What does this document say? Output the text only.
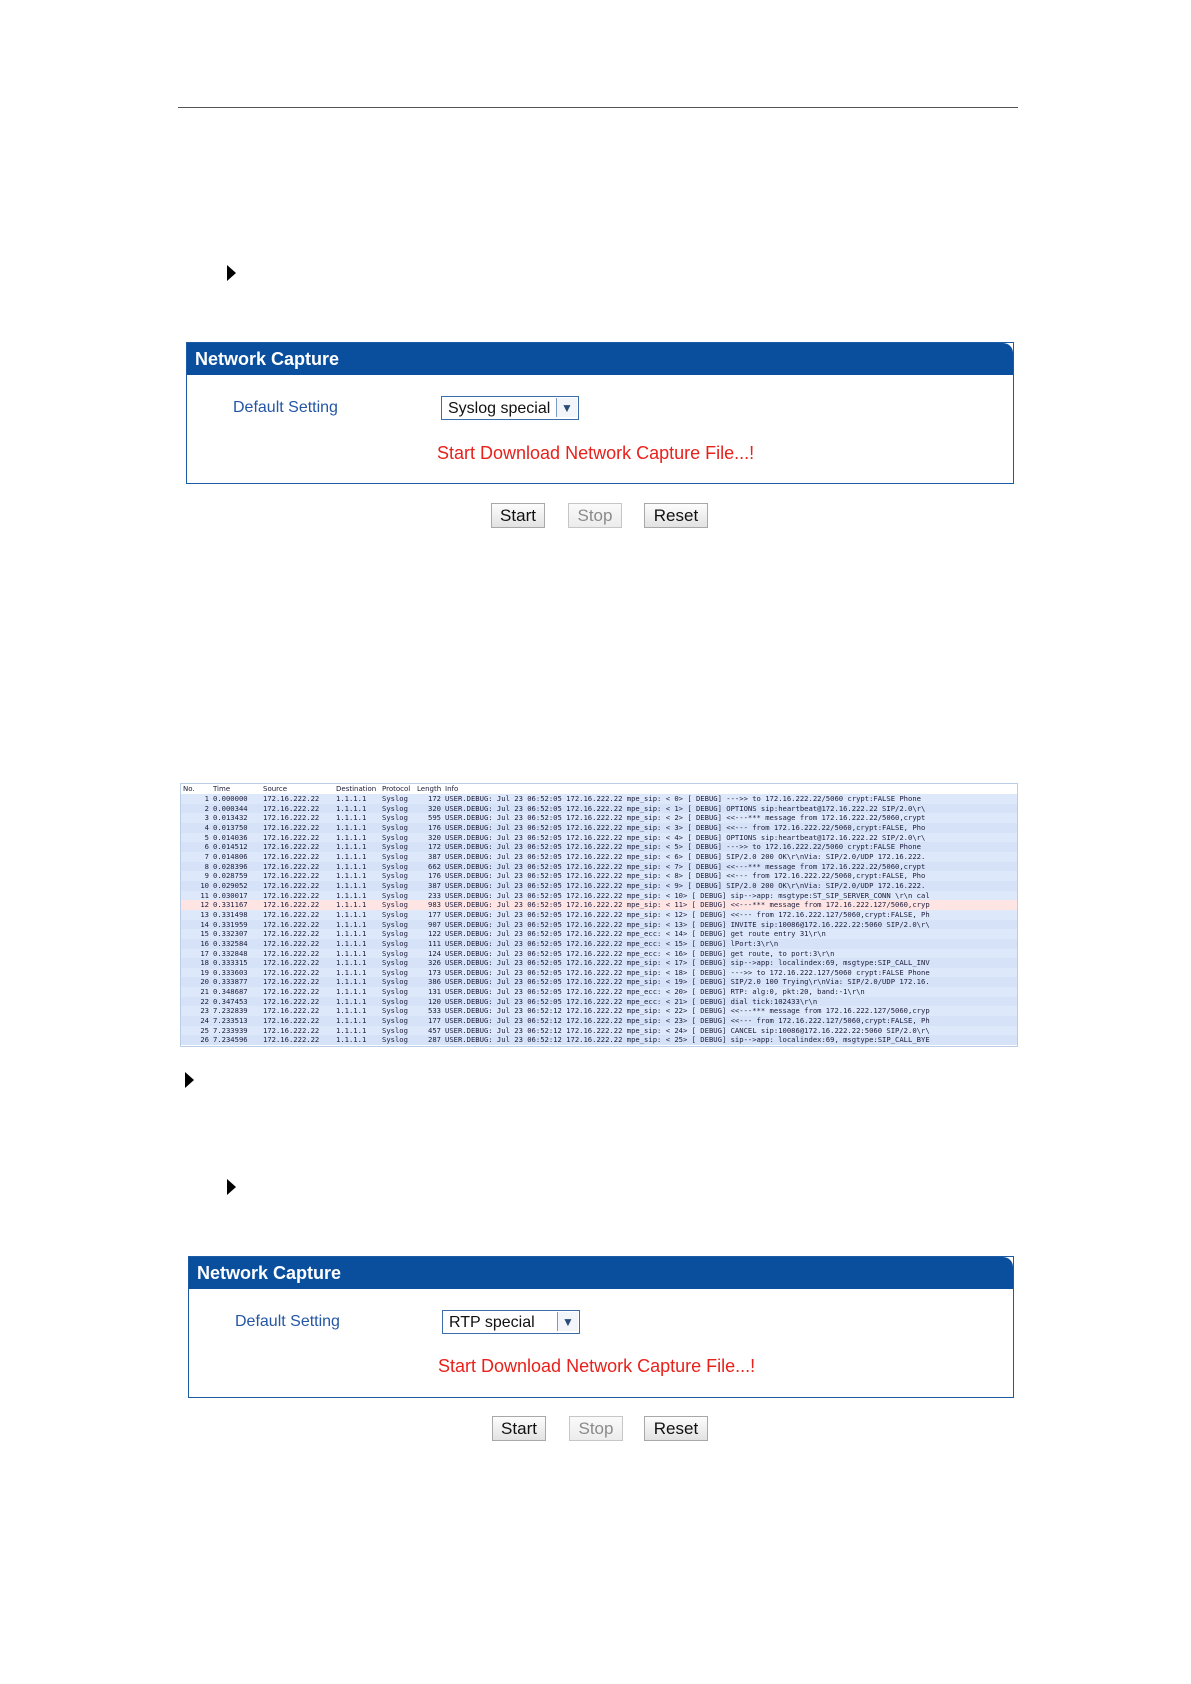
Network Capture
Default Setting	Syslog special ▼
Start Download Network Capture File...!
Start	Stop	Reset
No.	Time	Source	Destination	Protocol	Length	Info
1	0.000000	172.16.222.22	1.1.1.1	Syslog	172	USER.DEBUG: Jul 23 06:52:05 172.16.222.22 mpe_sip: < 0> [ DEBUG] --->> to 172.16.222.22/5060 crypt:FALSE Phone
2	0.000344	172.16.222.22	1.1.1.1	Syslog	320	USER.DEBUG: Jul 23 06:52:05 172.16.222.22 mpe_sip: < 1> [ DEBUG] OPTIONS sip:heartbeat@172.16.222.22 SIP/2.0\r\
3	0.013432	172.16.222.22	1.1.1.1	Syslog	595	USER.DEBUG: Jul 23 06:52:05 172.16.222.22 mpe_sip: < 2> [ DEBUG] <<---*** message from 172.16.222.22/5060,crypt
4	0.013750	172.16.222.22	1.1.1.1	Syslog	176	USER.DEBUG: Jul 23 06:52:05 172.16.222.22 mpe_sip: < 3> [ DEBUG] <<--- from 172.16.222.22/5060,crypt:FALSE, Pho
5	0.014036	172.16.222.22	1.1.1.1	Syslog	320	USER.DEBUG: Jul 23 06:52:05 172.16.222.22 mpe_sip: < 4> [ DEBUG] OPTIONS sip:heartbeat@172.16.222.22 SIP/2.0\r\
6	0.014512	172.16.222.22	1.1.1.1	Syslog	172	USER.DEBUG: Jul 23 06:52:05 172.16.222.22 mpe_sip: < 5> [ DEBUG] --->> to 172.16.222.22/5060 crypt:FALSE Phone
7	0.014806	172.16.222.22	1.1.1.1	Syslog	387	USER.DEBUG: Jul 23 06:52:05 172.16.222.22 mpe_sip: < 6> [ DEBUG] SIP/2.0 200 OK\r\nVia: SIP/2.0/UDP 172.16.222.
8	0.028396	172.16.222.22	1.1.1.1	Syslog	662	USER.DEBUG: Jul 23 06:52:05 172.16.222.22 mpe_sip: < 7> [ DEBUG] <<---*** message from 172.16.222.22/5060,crypt
9	0.028759	172.16.222.22	1.1.1.1	Syslog	176	USER.DEBUG: Jul 23 06:52:05 172.16.222.22 mpe_sip: < 8> [ DEBUG] <<--- from 172.16.222.22/5060,crypt:FALSE, Pho
10	0.029052	172.16.222.22	1.1.1.1	Syslog	387	USER.DEBUG: Jul 23 06:52:05 172.16.222.22 mpe_sip: < 9> [ DEBUG] SIP/2.0 200 OK\r\nVia: SIP/2.0/UDP 172.16.222.
11	0.030017	172.16.222.22	1.1.1.1	Syslog	233	USER.DEBUG: Jul 23 06:52:05 172.16.222.22 mpe_sip: < 10> [ DEBUG] sip-->app: msgtype:ST_SIP_SERVER_CONN \r\n cal
12	0.331167	172.16.222.22	1.1.1.1	Syslog	983	USER.DEBUG: Jul 23 06:52:05 172.16.222.22 mpe_sip: < 11> [ DEBUG] <<---*** message from 172.16.222.127/5060,cryp
13	0.331498	172.16.222.22	1.1.1.1	Syslog	177	USER.DEBUG: Jul 23 06:52:05 172.16.222.22 mpe_sip: < 12> [ DEBUG] <<--- from 172.16.222.127/5060,crypt:FALSE, Ph
14	0.331959	172.16.222.22	1.1.1.1	Syslog	907	USER.DEBUG: Jul 23 06:52:05 172.16.222.22 mpe_sip: < 13> [ DEBUG] INVITE sip:10086@172.16.222.22:5060 SIP/2.0\r\
15	0.332307	172.16.222.22	1.1.1.1	Syslog	122	USER.DEBUG: Jul 23 06:52:05 172.16.222.22 mpe_ecc: < 14> [ DEBUG] get route entry 31\r\n
16	0.332584	172.16.222.22	1.1.1.1	Syslog	111	USER.DEBUG: Jul 23 06:52:05 172.16.222.22 mpe_ecc: < 15> [ DEBUG] lPort:3\r\n
17	0.332848	172.16.222.22	1.1.1.1	Syslog	124	USER.DEBUG: Jul 23 06:52:05 172.16.222.22 mpe_ecc: < 16> [ DEBUG] get route, to port:3\r\n
18	0.333315	172.16.222.22	1.1.1.1	Syslog	326	USER.DEBUG: Jul 23 06:52:05 172.16.222.22 mpe_sip: < 17> [ DEBUG] sip-->app: localindex:69, msgtype:SIP_CALL_INV
19	0.333603	172.16.222.22	1.1.1.1	Syslog	173	USER.DEBUG: Jul 23 06:52:05 172.16.222.22 mpe_sip: < 18> [ DEBUG] --->> to 172.16.222.127/5060 crypt:FALSE Phone
20	0.333877	172.16.222.22	1.1.1.1	Syslog	386	USER.DEBUG: Jul 23 06:52:05 172.16.222.22 mpe_sip: < 19> [ DEBUG] SIP/2.0 100 Trying\r\nVia: SIP/2.0/UDP 172.16.
21	0.348687	172.16.222.22	1.1.1.1	Syslog	131	USER.DEBUG: Jul 23 06:52:05 172.16.222.22 mpe_ecc: < 20> [ DEBUG] RTP: alg:0, pkt:20, band:-1\r\n
22	0.347453	172.16.222.22	1.1.1.1	Syslog	120	USER.DEBUG: Jul 23 06:52:05 172.16.222.22 mpe_ecc: < 21> [ DEBUG] dial tick:102433\r\n
23	7.232839	172.16.222.22	1.1.1.1	Syslog	533	USER.DEBUG: Jul 23 06:52:12 172.16.222.22 mpe_sip: < 22> [ DEBUG] <<---*** message from 172.16.222.127/5060,cryp
24	7.233513	172.16.222.22	1.1.1.1	Syslog	177	USER.DEBUG: Jul 23 06:52:12 172.16.222.22 mpe_sip: < 23> [ DEBUG] <<--- from 172.16.222.127/5060,crypt:FALSE, Ph
25	7.233939	172.16.222.22	1.1.1.1	Syslog	457	USER.DEBUG: Jul 23 06:52:12 172.16.222.22 mpe_sip: < 24> [ DEBUG] CANCEL sip:10086@172.16.222.22:5060 SIP/2.0\r\
26	7.234596	172.16.222.22	1.1.1.1	Syslog	287	USER.DEBUG: Jul 23 06:52:12 172.16.222.22 mpe_sip: < 25> [ DEBUG] sip-->app: localindex:69, msgtype:SIP_CALL_BYE
Network Capture
Default Setting	RTP special	▼
Start Download Network Capture File...!
Start	Stop	Reset
